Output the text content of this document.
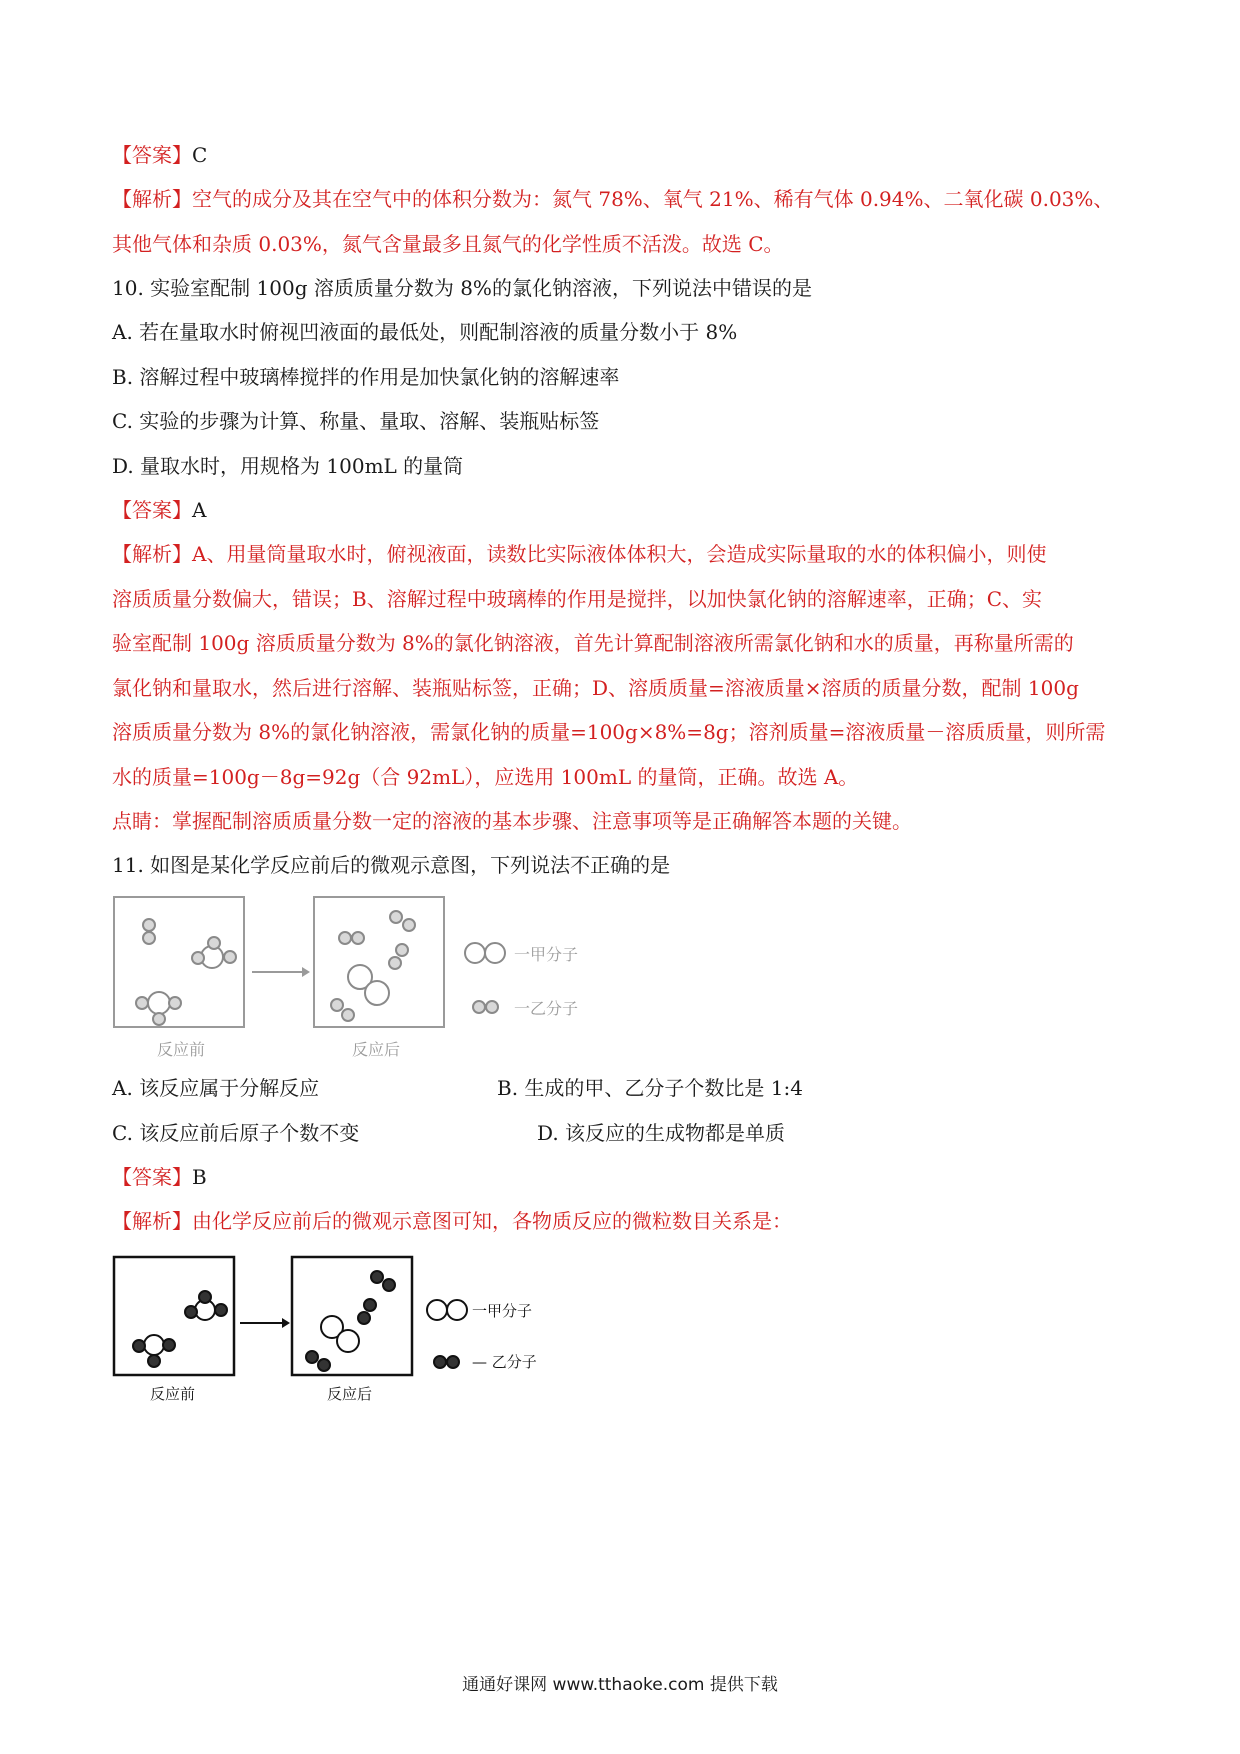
【答案】C
【解析】空气的成分及其在空气中的体积分数为：氮气 78%、氧气 21%、稀有气体 0.94%、二氧化碳 0.03%、
其他气体和杂质 0.03%，氮气含量最多且氮气的化学性质不活泼。故选 C。
10. 实验室配制 100g 溶质质量分数为 8%的氯化钠溶液，下列说法中错误的是
A. 若在量取水时俯视凹液面的最低处，则配制溶液的质量分数小于 8%
B. 溶解过程中玻璃棒搅拌的作用是加快氯化钠的溶解速率
C. 实验的步骤为计算、称量、量取、溶解、装瓶贴标签
D. 量取水时，用规格为 100mL 的量筒
【答案】A
【解析】A、用量筒量取水时，俯视液面，读数比实际液体体积大，会造成实际量取的水的体积偏小，则使
溶质质量分数偏大，错误；B、溶解过程中玻璃棒的作用是搅拌，以加快氯化钠的溶解速率，正确；C、实
验室配制 100g 溶质质量分数为 8%的氯化钠溶液，首先计算配制溶液所需氯化钠和水的质量，再称量所需的
氯化钠和量取水，然后进行溶解、装瓶贴标签，正确；D、溶质质量=溶液质量×溶质的质量分数，配制 100g
溶质质量分数为 8%的氯化钠溶液，需氯化钠的质量=100g×8%=8g；溶剂质量=溶液质量－溶质质量，则所需
水的质量=100g－8g=92g（合 92mL），应选用 100mL 的量筒，正确。故选 A。
点睛：掌握配制溶质质量分数一定的溶液的基本步骤、注意事项等是正确解答本题的关键。
11. 如图是某化学反应前后的微观示意图，下列说法不正确的是
一甲分子
一乙分子
反应前	反应后
A. 该反应属于分解反应	B. 生成的甲、乙分子个数比是 1:4
C. 该反应前后原子个数不变	D. 该反应的生成物都是单质
【答案】B
【解析】由化学反应前后的微观示意图可知，各物质反应的微粒数目关系是：
一甲分子
— 乙分子
反应前	反应后
通通好课网 www.tthaoke.com 提供下载
